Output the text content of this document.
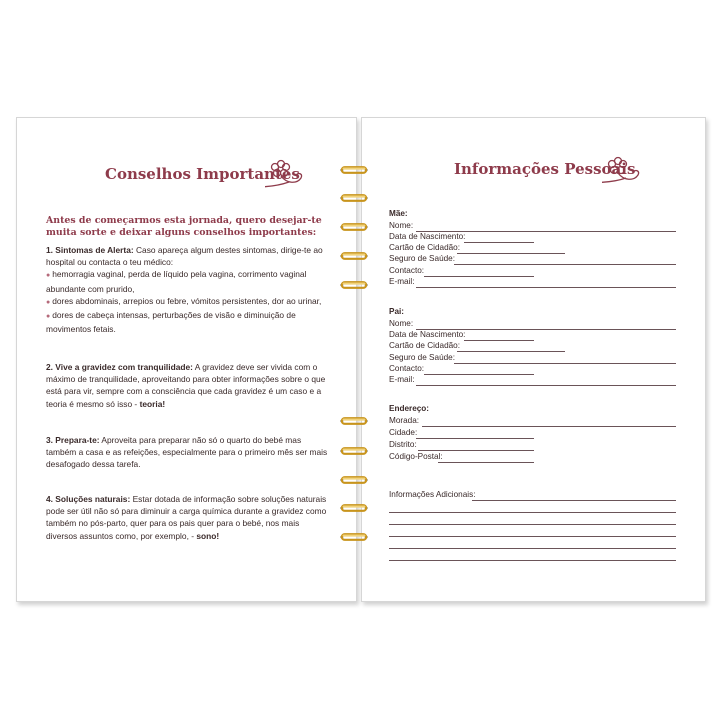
Conselhos Importantes
Antes de começarmos esta jornada, quero desejar-te muita sorte e deixar alguns conselhos importantes:
1. Sintomas de Alerta: Caso apareça algum destes sintomas, dirige-te ao hospital ou contacta o teu médico:
● hemorragia vaginal, perda de líquido pela vagina, corrimento vaginal abundante com prurido,
● dores abdominais, arrepios ou febre, vómitos persistentes, dor ao urinar,
● dores de cabeça intensas, perturbações de visão e diminuição de movimentos fetais.
2. Vive a gravidez com tranquilidade: A gravidez deve ser vivida com o máximo de tranquilidade, aproveitando para obter informações sobre o que está para vir, sempre com a consciência que cada gravidez é um caso e a teoria é mesmo só isso - teoria!
3. Prepara-te: Aproveita para preparar não só o quarto do bebé mas também a casa e as refeições, especialmente para o primeiro mês ser mais desafogado dessa tarefa.
4. Soluções naturais: Estar dotada de informação sobre soluções naturais pode ser útil não só para diminuir a carga química durante a gravidez como também no pós-parto, quer para os pais quer para o bebé, nos mais diversos assuntos como, por exemplo, - sono!
Informações Pessoais
Mãe:
Nome:
Data de Nascimento:
Cartão de Cidadão:
Seguro de Saúde:
Contacto:
E-mail:
Pai:
Nome:
Data de Nascimento:
Cartão de Cidadão:
Seguro de Saúde:
Contacto:
E-mail:
Endereço:
Morada:
Cidade:
Distrito:
Código-Postal:
Informações Adicionais:
